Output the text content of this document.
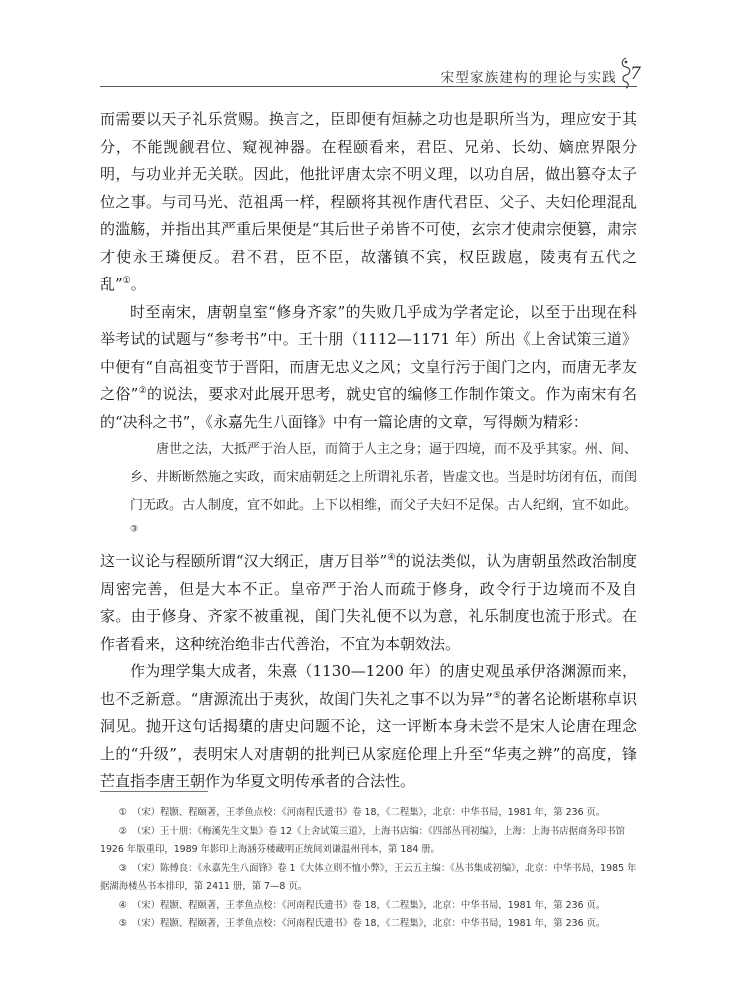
宋型家族建构的理论与实践 7

而需要以天子礼乐赏赐。换言之，臣即便有烜赫之功也是职所当为，理应安于其分，不能觊觎君位、窥视神器。在程颐看来，君臣、兄弟、长幼、嫡庶界限分明，与功业并无关联。因此，他批评唐太宗不明义理，以功自居，做出篡夺太子位之事。与司马光、范祖禹一样，程颐将其视作唐代君臣、父子、夫妇伦理混乱的滥觞，并指出其严重后果便是“其后世子弟皆不可使，玄宗才使肃宗便篡，肃宗才使永王璘便反。君不君，臣不臣，故藩镇不宾，权臣跋扈，陵夷有五代之乱”①。

时至南宋，唐朝皇室“修身齐家”的失败几乎成为学者定论，以至于出现在科举考试的试题与“参考书”中。王十朋（1112—1171 年）所出《上舍试策三道》中便有“自高祖变节于晋阳，而唐无忠义之风；文皇行污于闺门之内，而唐无孝友之俗”②的说法，要求对此展开思考，就史官的编修工作制作策文。作为南宋有名的“决科之书”，《永嘉先生八面锋》中有一篇论唐的文章，写得颇为精彩：

唐世之法，大抵严于治人臣，而简于人主之身；逼于四境，而不及乎其家。州、间、乡、井断断然施之实政，而宋庙朝廷之上所谓礼乐者，皆虚文也。当是时坊闭有伍，而闺门无政。古人制度，宜不如此。上下以相维，而父子夫妇不足保。古人纪纲，宜不如此。③

这一议论与程颐所谓“汉大纲正，唐万目举”④的说法类似，认为唐朝虽然政治制度周密完善，但是大本不正。皇帝严于治人而疏于修身，政令行于边境而不及自家。由于修身、齐家不被重视，闺门失礼便不以为意，礼乐制度也流于形式。在作者看来，这种统治绝非古代善治，不宜为本朝效法。

作为理学集大成者，朱熹（1130—1200 年）的唐史观虽承伊洛渊源而来，也不乏新意。“唐源流出于夷狄，故闺门失礼之事不以为异”⑤的著名论断堪称卓识洞见。抛开这句话揭橥的唐史问题不论，这一评断本身未尝不是宋人论唐在理念上的“升级”，表明宋人对唐朝的批判已从家庭伦理上升至“华夷之辨”的高度，锋芒直指李唐王朝作为华夏文明传承者的合法性。

①　（宋）程颢、程颐著，王孝鱼点校：《河南程氏遗书》卷 18，《二程集》，北京：中华书局，1981 年，第 236 页。

②　（宋）王十朋：《梅溪先生文集》卷 12《上舍试策三道》，上海书店编：《四部丛刊初编》，上海：上海书店据商务印书馆 1926 年版重印，1989 年影印上海涵芬楼藏明正统间刘谦温州刊本，第 184 册。

③　（宋）陈傅良：《永嘉先生八面锋》卷 1《大体立则不恤小弊》，王云五主编：《丛书集成初编》，北京：中华书局，1985 年据湖海楼丛书本排印，第 2411 册，第 7—8 页。

④　（宋）程颢、程颐著，王孝鱼点校：《河南程氏遗书》卷 18，《二程集》，北京：中华书局，1981 年，第 236 页。

⑤　（宋）程颢、程颐著，王孝鱼点校：《河南程氏遗书》卷 18，《二程集》，北京：中华书局，1981 年，第 236 页。
